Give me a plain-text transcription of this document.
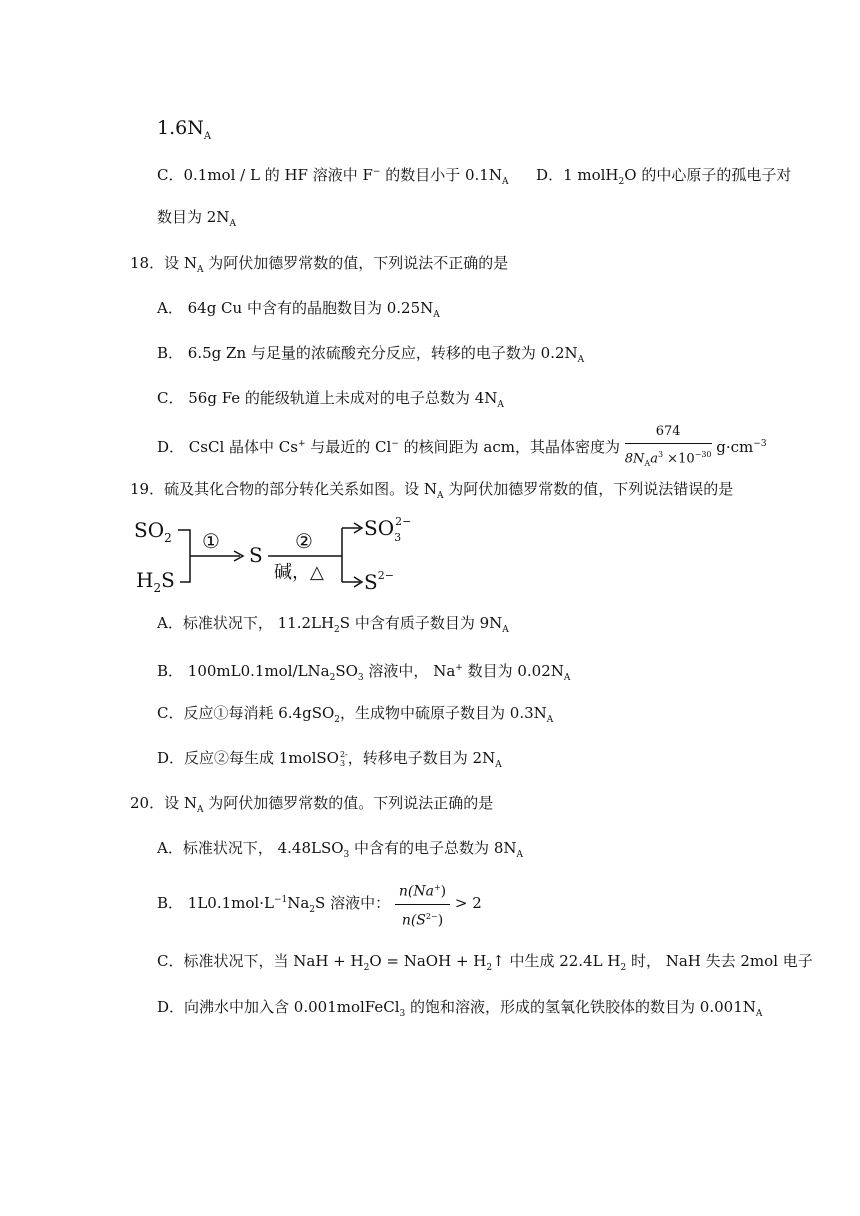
$1.6N_A$
C．0.1mol / L 的 HF 溶液中 F− 的数目小于 $0.1N_A$ D．1 molH$_2$O 的中心原子的孤电子对
数目为 $2N_A$
18．设 $N_A$ 为阿伏加德罗常数的值，下列说法不正确的是
A． 64g Cu 中含有的晶胞数目为 $0.25N_A$
B． 6.5g Zn 与足量的浓硫酸充分反应，转移的电子数为 $0.2N_A$
C． 56g Fe 的能级轨道上未成对的电子总数为 $4N_A$
D． CsCl 晶体中 Cs+ 与最近的 Cl− 的核间距为 acm，其晶体密度为 $\frac{674}{8N_Aa^3 \times 10^{-30}} g\cdot cm^{-3}$
19．硫及其化合物的部分转化关系如图。设 $N_A$ 为阿伏加德罗常数的值，下列说法错误的是
$SO_2$
$H_2S$
①
S
②
碱，△
$SO_32-$
$S^{2-}$
A．标准状况下， $11.2LH_2S$ 中含有质子数目为 $9N_A$
B． $100mL0.1mol/LNa_2SO_3$ 溶液中， Na+ 数目为 $0.02N_A$
C．反应①每消耗 6.4gSO$_2$，生成物中硫原子数目为 $0.3N_A$
D．反应②每生成 1molSO 2-
3 ，转移电子数目为 $2N_A$
20．设 $N_A$ 为阿伏加德罗常数的值。下列说法正确的是
A．标准状况下， $4.48LSO_3$ 中含有的电子总数为 $8N_A$
B． $1L0.1mol\cdot L^{-1}Na_2S$ 溶液中： $\frac{n(Na^+)}{n(S^{2-})} > 2$
C．标准状况下，当 NaH + $H_2O$ = NaOH + $H_2↑$ 中生成 22.4L $H_2$ 时， NaH 失去 2mol 电子
D．向沸水中加入含 0.001molFeCl$_3$ 的饱和溶液，形成的氢氧化铁胶体的数目为 $0.001N_A$
